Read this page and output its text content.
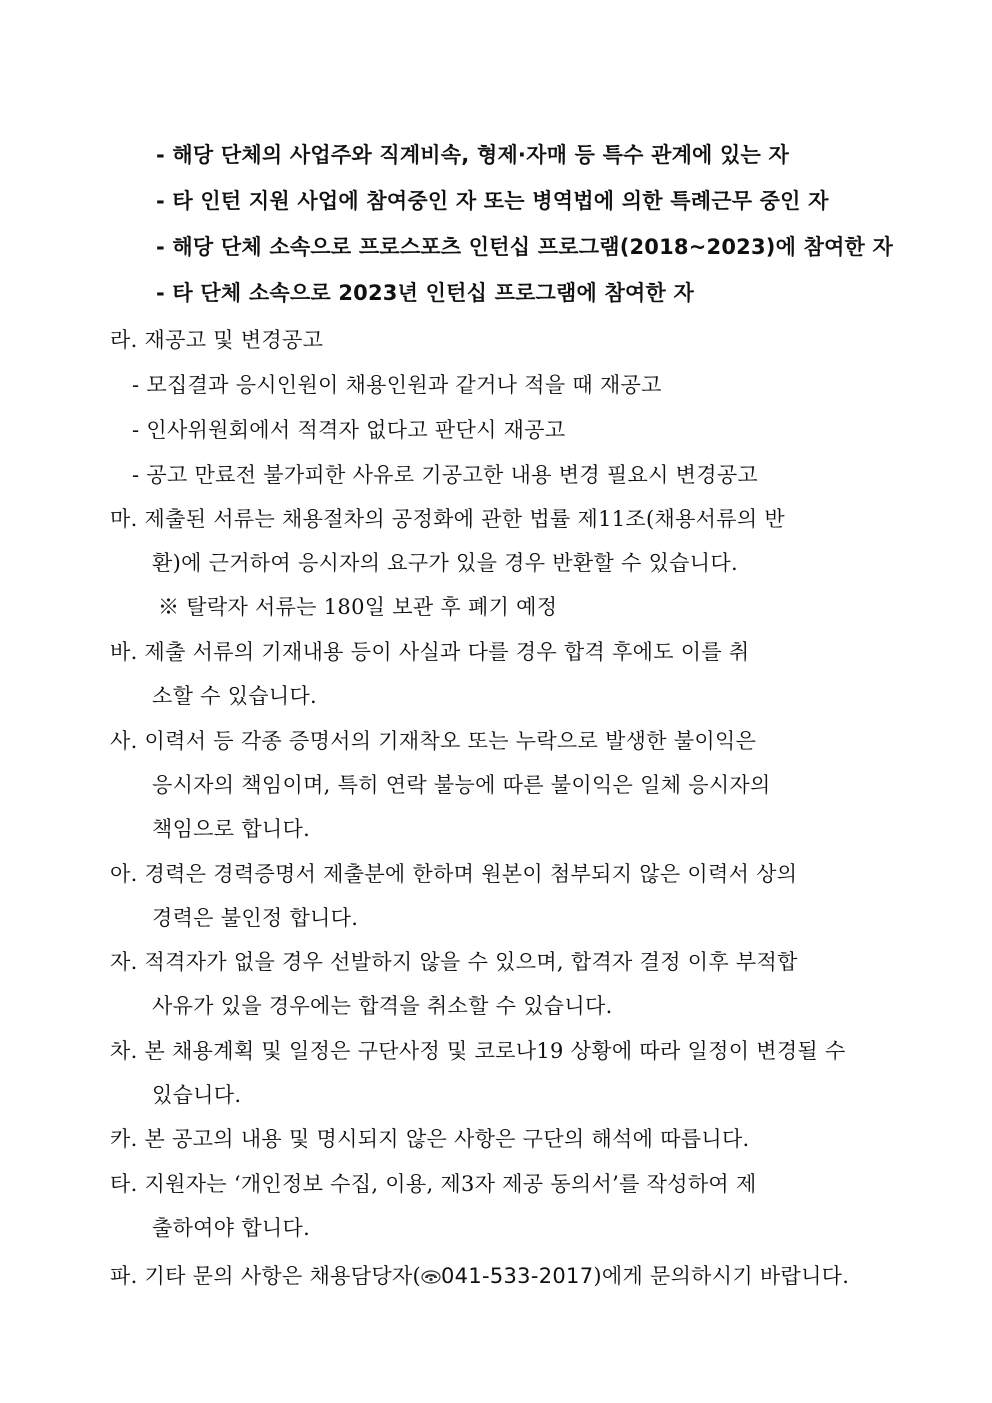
- 해당 단체의 사업주와 직계비속, 형제·자매 등 특수 관계에 있는 자
- 타 인턴 지원 사업에 참여중인 자 또는 병역법에 의한 특례근무 중인 자
- 해당 단체 소속으로 프로스포츠 인턴십 프로그램(2018~2023)에 참여한 자
- 타 단체 소속으로 2023년 인턴십 프로그램에 참여한 자
라. 재공고 및 변경공고
- 모집결과 응시인원이 채용인원과 같거나 적을 때 재공고
- 인사위원회에서 적격자 없다고 판단시 재공고
- 공고 만료전 불가피한 사유로 기공고한 내용 변경 필요시 변경공고
마. 제출된 서류는 채용절차의 공정화에 관한 법률 제11조(채용서류의 반
환)에 근거하여 응시자의 요구가 있을 경우 반환할 수 있습니다.
※ 탈락자 서류는 180일 보관 후 폐기 예정
바. 제출 서류의 기재내용 등이 사실과 다를 경우 합격 후에도 이를 취
소할 수 있습니다.
사. 이력서 등 각종 증명서의 기재착오 또는 누락으로 발생한 불이익은
응시자의 책임이며, 특히 연락 불능에 따른 불이익은 일체 응시자의
책임으로 합니다.
아. 경력은 경력증명서 제출분에 한하며 원본이 첨부되지 않은 이력서 상의
경력은 불인정 합니다.
자. 적격자가 없을 경우 선발하지 않을 수 있으며, 합격자 결정 이후 부적합
사유가 있을 경우에는 합격을 취소할 수 있습니다.
차. 본 채용계획 및 일정은 구단사정 및 코로나19 상황에 따라 일정이 변경될 수
있습니다.
카. 본 공고의 내용 및 명시되지 않은 사항은 구단의 해석에 따릅니다.
타. 지원자는 ‘개인정보 수집, 이용, 제3자 제공 동의서’를 작성하여 제
출하여야 합니다.
파. 기타 문의 사항은 채용담당자( 041-533-2017)에게 문의하시기 바랍니다.
